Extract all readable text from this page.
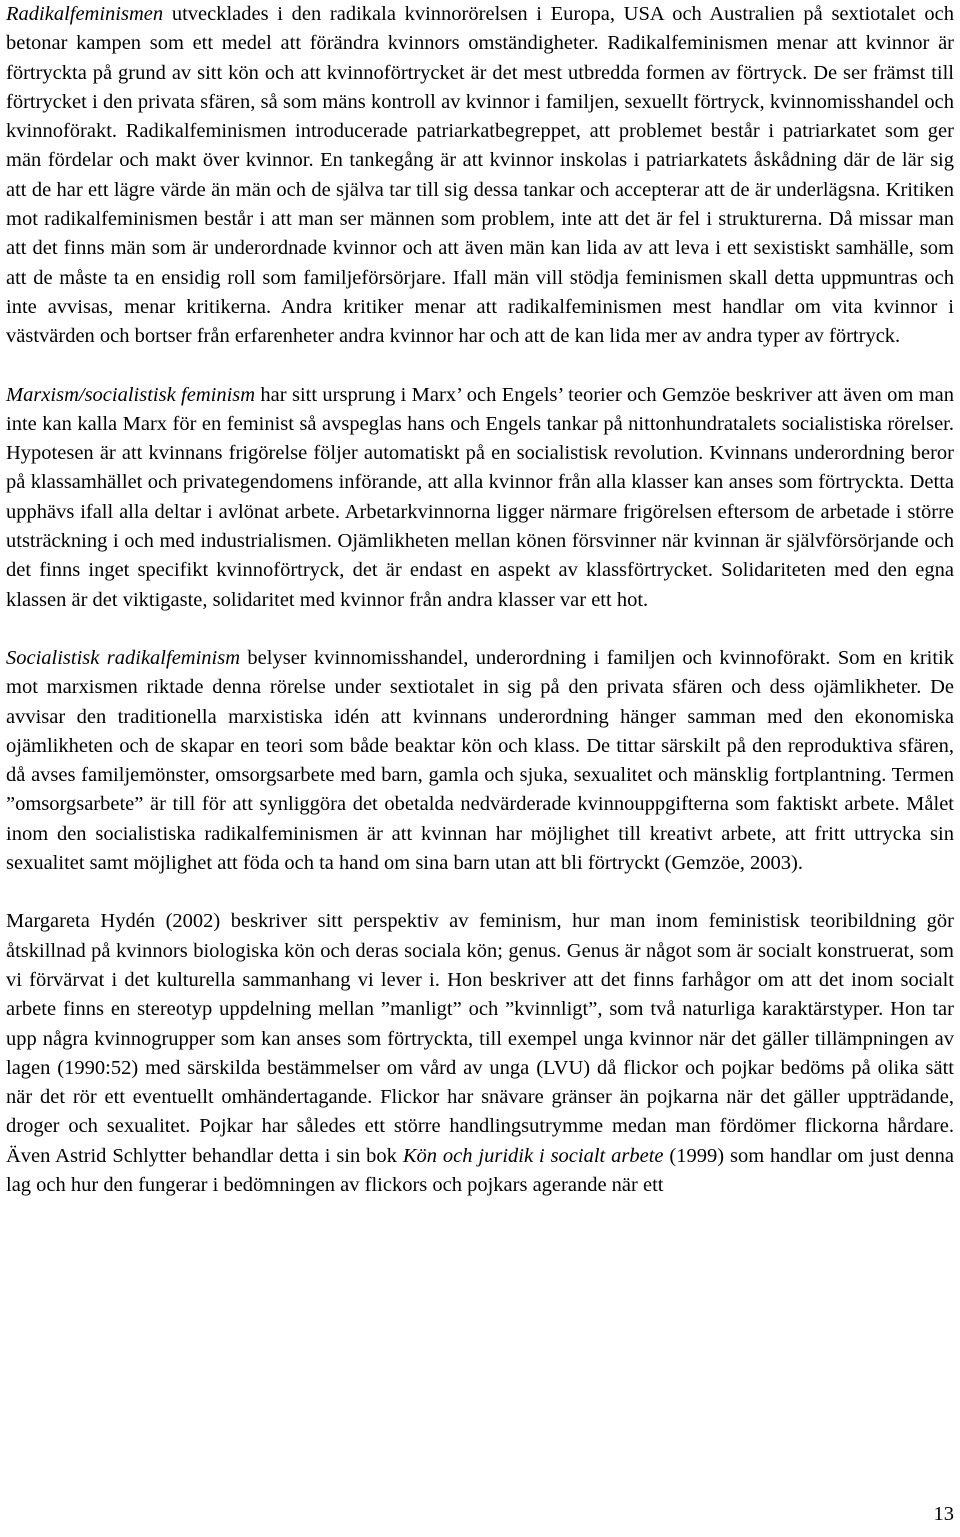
Radikalfeminismen utvecklades i den radikala kvinnorörelsen i Europa, USA och Australien på sextiotalet och betonar kampen som ett medel att förändra kvinnors omständigheter. Radikalfeminismen menar att kvinnor är förtryckta på grund av sitt kön och att kvinnoförtrycket är det mest utbredda formen av förtryck. De ser främst till förtrycket i den privata sfären, så som mäns kontroll av kvinnor i familjen, sexuellt förtryck, kvinnomisshandel och kvinnoförakt. Radikalfeminismen introducerade patriarkatbegreppet, att problemet består i patriarkatet som ger män fördelar och makt över kvinnor. En tankegång är att kvinnor inskolas i patriarkatets åskådning där de lär sig att de har ett lägre värde än män och de själva tar till sig dessa tankar och accepterar att de är underlägsna. Kritiken mot radikalfeminismen består i att man ser männen som problem, inte att det är fel i strukturerna. Då missar man att det finns män som är underordnade kvinnor och att även män kan lida av att leva i ett sexistiskt samhälle, som att de måste ta en ensidig roll som familjeförsörjare. Ifall män vill stödja feminismen skall detta uppmuntras och inte avvisas, menar kritikerna. Andra kritiker menar att radikalfeminismen mest handlar om vita kvinnor i västvärden och bortser från erfarenheter andra kvinnor har och att de kan lida mer av andra typer av förtryck.

Marxism/socialistisk feminism har sitt ursprung i Marx’ och Engels’ teorier och Gemzöe beskriver att även om man inte kan kalla Marx för en feminist så avspeglas hans och Engels tankar på nittonhundratalets socialistiska rörelser. Hypotesen är att kvinnans frigörelse följer automatiskt på en socialistisk revolution. Kvinnans underordning beror på klassamhället och privategendomens införande, att alla kvinnor från alla klasser kan anses som förtryckta. Detta upphävs ifall alla deltar i avlönat arbete. Arbetarkvinnorna ligger närmare frigörelsen eftersom de arbetade i större utsträckning i och med industrialismen. Ojämlikheten mellan könen försvinner när kvinnan är självförsörjande och det finns inget specifikt kvinnoförtryck, det är endast en aspekt av klassförtrycket. Solidariteten med den egna klassen är det viktigaste, solidaritet med kvinnor från andra klasser var ett hot.

Socialistisk radikalfeminism belyser kvinnomisshandel, underordning i familjen och kvinnoförakt. Som en kritik mot marxismen riktade denna rörelse under sextiotalet in sig på den privata sfären och dess ojämlikheter. De avvisar den traditionella marxistiska idén att kvinnans underordning hänger samman med den ekonomiska ojämlikheten och de skapar en teori som både beaktar kön och klass. De tittar särskilt på den reproduktiva sfären, då avses familjemönster, omsorgsarbete med barn, gamla och sjuka, sexualitet och mänsklig fortplantning. Termen ”omsorgsarbete” är till för att synliggöra det obetalda nedvärderade kvinnouppgifterna som faktiskt arbete. Målet inom den socialistiska radikalfeminismen är att kvinnan har möjlighet till kreativt arbete, att fritt uttrycka sin sexualitet samt möjlighet att föda och ta hand om sina barn utan att bli förtryckt (Gemzöe, 2003).

Margareta Hydén (2002) beskriver sitt perspektiv av feminism, hur man inom feministisk teoribildning gör åtskillnad på kvinnors biologiska kön och deras sociala kön; genus. Genus är något som är socialt konstruerat, som vi förvärvat i det kulturella sammanhang vi lever i. Hon beskriver att det finns farhågor om att det inom socialt arbete finns en stereotyp uppdelning mellan ”manligt” och ”kvinnligt”, som två naturliga karaktärstyper. Hon tar upp några kvinnogrupper som kan anses som förtryckta, till exempel unga kvinnor när det gäller tillämpningen av lagen (1990:52) med särskilda bestämmelser om vård av unga (LVU) då flickor och pojkar bedöms på olika sätt när det rör ett eventuellt omhändertagande. Flickor har snävare gränser än pojkarna när det gäller uppträdande, droger och sexualitet. Pojkar har således ett större handlingsutrymme medan man fördömer flickorna hårdare. Även Astrid Schlytter behandlar detta i sin bok Kön och juridik i socialt arbete (1999) som handlar om just denna lag och hur den fungerar i bedömningen av flickors och pojkars agerande när ett

13
